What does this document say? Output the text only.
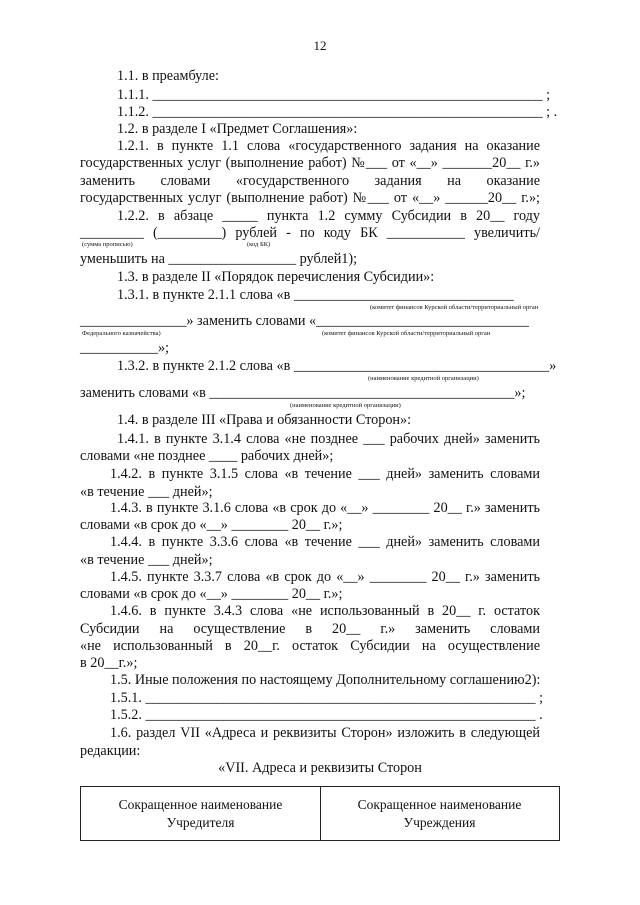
12
1.1. в преамбуле:
1.1.1. _______________________________________________________ ;
1.1.2. _______________________________________________________ ; .
1.2. в разделе I «Предмет Соглашения»:
1.2.1. в пункте 1.1 слова «государственного задания на оказание
государственных услуг (выполнение работ) №___ от «__» _______20__ г.»
заменить словами «государственного задания на оказание
государственных услуг (выполнение работ) №___ от «__» ______20__ г.»;
1.2.2. в абзаце _____ пункта 1.2 сумму Субсидии в 20__ году
_________ (_________) рублей - по коду БК ___________ увеличить/
(сумма прописью)	(код БК)
уменьшить на __________________ рублей1);
1.3. в разделе II «Порядок перечисления Субсидии»:
1.3.1. в пункте 2.1.1 слова «в _______________________________
(комитет финансов Курской области/территориальный орган
_______________» заменить словами «______________________________
Федерального казначейства)	(комитет финансов Курской области/территориальный орган
___________»;
1.3.2. в пункте 2.1.2 слова «в ____________________________________»
(наименование кредитной организации)
заменить словами «в ___________________________________________»;
(наименование кредитной организации)
1.4. в разделе III «Права и обязанности Сторон»:
1.4.1. в пункте 3.1.4 слова «не позднее ___ рабочих дней» заменить
словами «не позднее ____ рабочих дней»;
1.4.2. в пункте 3.1.5 слова «в течение ___ дней» заменить словами
«в течение ___ дней»;
1.4.3. в пункте 3.1.6 слова «в срок до «__» ________ 20__ г.» заменить
словами «в срок до «__» ________ 20__ г.»;
1.4.4. в пункте 3.3.6 слова «в течение ___ дней» заменить словами
«в течение ___ дней»;
1.4.5. пункте 3.3.7 слова «в срок до «__» ________ 20__ г.» заменить
словами «в срок до «__» ________ 20__ г.»;
1.4.6. в пункте 3.4.3 слова «не использованный в 20__ г. остаток
Субсидии на осуществление в 20__ г.» заменить словами
«не использованный в 20__г. остаток Субсидии на осуществление
в 20__г.»;
1.5. Иные положения по настоящему Дополнительному соглашению2):
1.5.1. _______________________________________________________ ;
1.5.2. _______________________________________________________ .
1.6. раздел VII «Адреса и реквизиты Сторон» изложить в следующей
редакции:
«VII. Адреса и реквизиты Сторон
Сокращенное наименование Учредителя
Сокращенное наименование Учреждения
